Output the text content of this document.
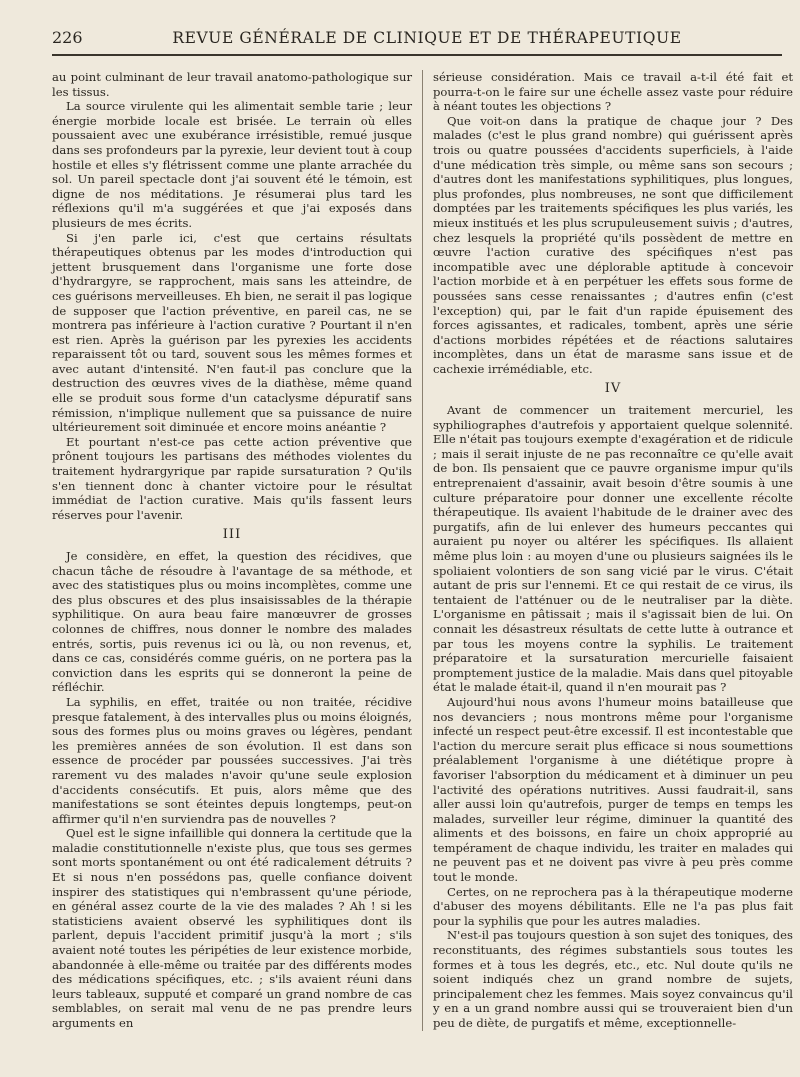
226	REVUE GÉNÉRALE DE CLINIQUE ET DE THÉRAPEUTIQUE

au point culminant de leur travail anatomo-pathologique sur les tissus.

La source virulente qui les alimentait semble tarie ; leur énergie morbide locale est brisée. Le terrain où elles poussaient avec une exubérance irrésistible, remué jusque dans ses profondeurs par la pyrexie, leur devient tout à coup hostile et elles s'y flétrissent comme une plante arrachée du sol. Un pareil spectacle dont j'ai souvent été le témoin, est digne de nos méditations. Je résumerai plus tard les réflexions qu'il m'a suggérées et que j'ai exposés dans plusieurs de mes écrits.

Si j'en parle ici, c'est que certains résultats thérapeutiques obtenus par les modes d'introduction qui jettent brusquement dans l'organisme une forte dose d'hydrargyre, se rapprochent, mais sans les atteindre, de ces guérisons merveilleuses. Eh bien, ne serait il pas logique de supposer que l'action préventive, en pareil cas, ne se montrera pas inférieure à l'action curative ? Pourtant il n'en est rien. Après la guérison par les pyrexies les accidents reparaissent tôt ou tard, souvent sous les mêmes formes et avec autant d'intensité. N'en faut-il pas conclure que la destruction des œuvres vives de la diathèse, même quand elle se produit sous forme d'un cataclysme dépuratif sans rémission, n'implique nullement que sa puissance de nuire ultérieurement soit diminuée et encore moins anéantie ?

Et pourtant n'est-ce pas cette action préventive que prônent toujours les partisans des méthodes violentes du traitement hydrargyrique par rapide sursaturation ? Qu'ils s'en tiennent donc à chanter victoire pour le résultat immédiat de l'action curative. Mais qu'ils fassent leurs réserves pour l'avenir.

III

Je considère, en effet, la question des récidives, que chacun tâche de résoudre à l'avantage de sa méthode, et avec des statistiques plus ou moins incomplètes, comme une des plus obscures et des plus insaisissables de la thérapie syphilitique. On aura beau faire manœuvrer de grosses colonnes de chiffres, nous donner le nombre des malades entrés, sortis, puis revenus ici ou là, ou non revenus, et, dans ce cas, considérés comme guéris, on ne portera pas la conviction dans les esprits qui se donneront la peine de réfléchir.

La syphilis, en effet, traitée ou non traitée, récidive presque fatalement, à des intervalles plus ou moins éloignés, sous des formes plus ou moins graves ou légères, pendant les premières années de son évolution. Il est dans son essence de procéder par poussées successives. J'ai très rarement vu des malades n'avoir qu'une seule explosion d'accidents consécutifs. Et puis, alors même que des manifestations se sont éteintes depuis longtemps, peut-on affirmer qu'il n'en surviendra pas de nouvelles ?

Quel est le signe infaillible qui donnera la certitude que la maladie constitutionnelle n'existe plus, que tous ses germes sont morts spontanément ou ont été radicalement détruits ? Et si nous n'en possédons pas, quelle confiance doivent inspirer des statistiques qui n'embrassent qu'une période, en général assez courte de la vie des malades ? Ah ! si les statisticiens avaient observé les syphilitiques dont ils parlent, depuis l'accident primitif jusqu'à la mort ; s'ils avaient noté toutes les péripéties de leur existence morbide, abandonnée à elle-même ou traitée par des différents modes des médications spécifiques, etc. ; s'ils avaient réuni dans leurs tableaux, supputé et comparé un grand nombre de cas semblables, on serait mal venu de ne pas prendre leurs arguments en

sérieuse considération. Mais ce travail a-t-il été fait et pourra-t-on le faire sur une échelle assez vaste pour réduire à néant toutes les objections ?

Que voit-on dans la pratique de chaque jour ? Des malades (c'est le plus grand nombre) qui guérissent après trois ou quatre poussées d'accidents superficiels, à l'aide d'une médication très simple, ou même sans son secours ; d'autres dont les manifestations syphilitiques, plus longues, plus profondes, plus nombreuses, ne sont que difficilement domptées par les traitements spécifiques les plus variés, les mieux institués et les plus scrupuleusement suivis ; d'autres, chez lesquels la propriété qu'ils possèdent de mettre en œuvre l'action curative des spécifiques n'est pas incompatible avec une déplorable aptitude à concevoir l'action morbide et à en perpétuer les effets sous forme de poussées sans cesse renaissantes ; d'autres enfin (c'est l'exception) qui, par le fait d'un rapide épuisement des forces agissantes, et radicales, tombent, après une série d'actions morbides répétées et de réactions salutaires incomplètes, dans un état de marasme sans issue et de cachexie irrémédiable, etc.

IV

Avant de commencer un traitement mercuriel, les syphiliographes d'autrefois y apportaient quelque solennité. Elle n'était pas toujours exempte d'exagération et de ridicule ; mais il serait injuste de ne pas reconnaître ce qu'elle avait de bon. Ils pensaient que ce pauvre organisme impur qu'ils entreprenaient d'assainir, avait besoin d'être soumis à une culture préparatoire pour donner une excellente récolte thérapeutique. Ils avaient l'habitude de le drainer avec des purgatifs, afin de lui enlever des humeurs peccantes qui auraient pu noyer ou altérer les spécifiques. Ils allaient même plus loin : au moyen d'une ou plusieurs saignées ils le spoliaient volontiers de son sang vicié par le virus. C'était autant de pris sur l'ennemi. Et ce qui restait de ce virus, ils tentaient de l'atténuer ou de le neutraliser par la diète. L'organisme en pâtissait ; mais il s'agissait bien de lui. On connait les désastreux résultats de cette lutte à outrance et par tous les moyens contre la syphilis. Le traitement préparatoire et la sursaturation mercurielle faisaient promptement justice de la maladie. Mais dans quel pitoyable état le malade était-il, quand il n'en mourait pas ?

Aujourd'hui nous avons l'humeur moins batailleuse que nos devanciers ; nous montrons même pour l'organisme infecté un respect peut-être excessif. Il est incontestable que l'action du mercure serait plus efficace si nous soumettions préalablement l'organisme à une diététique propre à favoriser l'absorption du médicament et à diminuer un peu l'activité des opérations nutritives. Aussi faudrait-il, sans aller aussi loin qu'autrefois, purger de temps en temps les malades, surveiller leur régime, diminuer la quantité des aliments et des boissons, en faire un choix approprié au tempérament de chaque individu, les traiter en malades qui ne peuvent pas et ne doivent pas vivre à peu près comme tout le monde.

Certes, on ne reprochera pas à la thérapeutique moderne d'abuser des moyens débilitants. Elle ne l'a pas plus fait pour la syphilis que pour les autres maladies.

N'est-il pas toujours question à son sujet des toniques, des reconstituants, des régimes substantiels sous toutes les formes et à tous les degrés, etc., etc. Nul doute qu'ils ne soient indiqués chez un grand nombre de sujets, principalement chez les femmes. Mais soyez convaincus qu'il y en a un grand nombre aussi qui se trouveraient bien d'un peu de diète, de purgatifs et même, exceptionnelle-
